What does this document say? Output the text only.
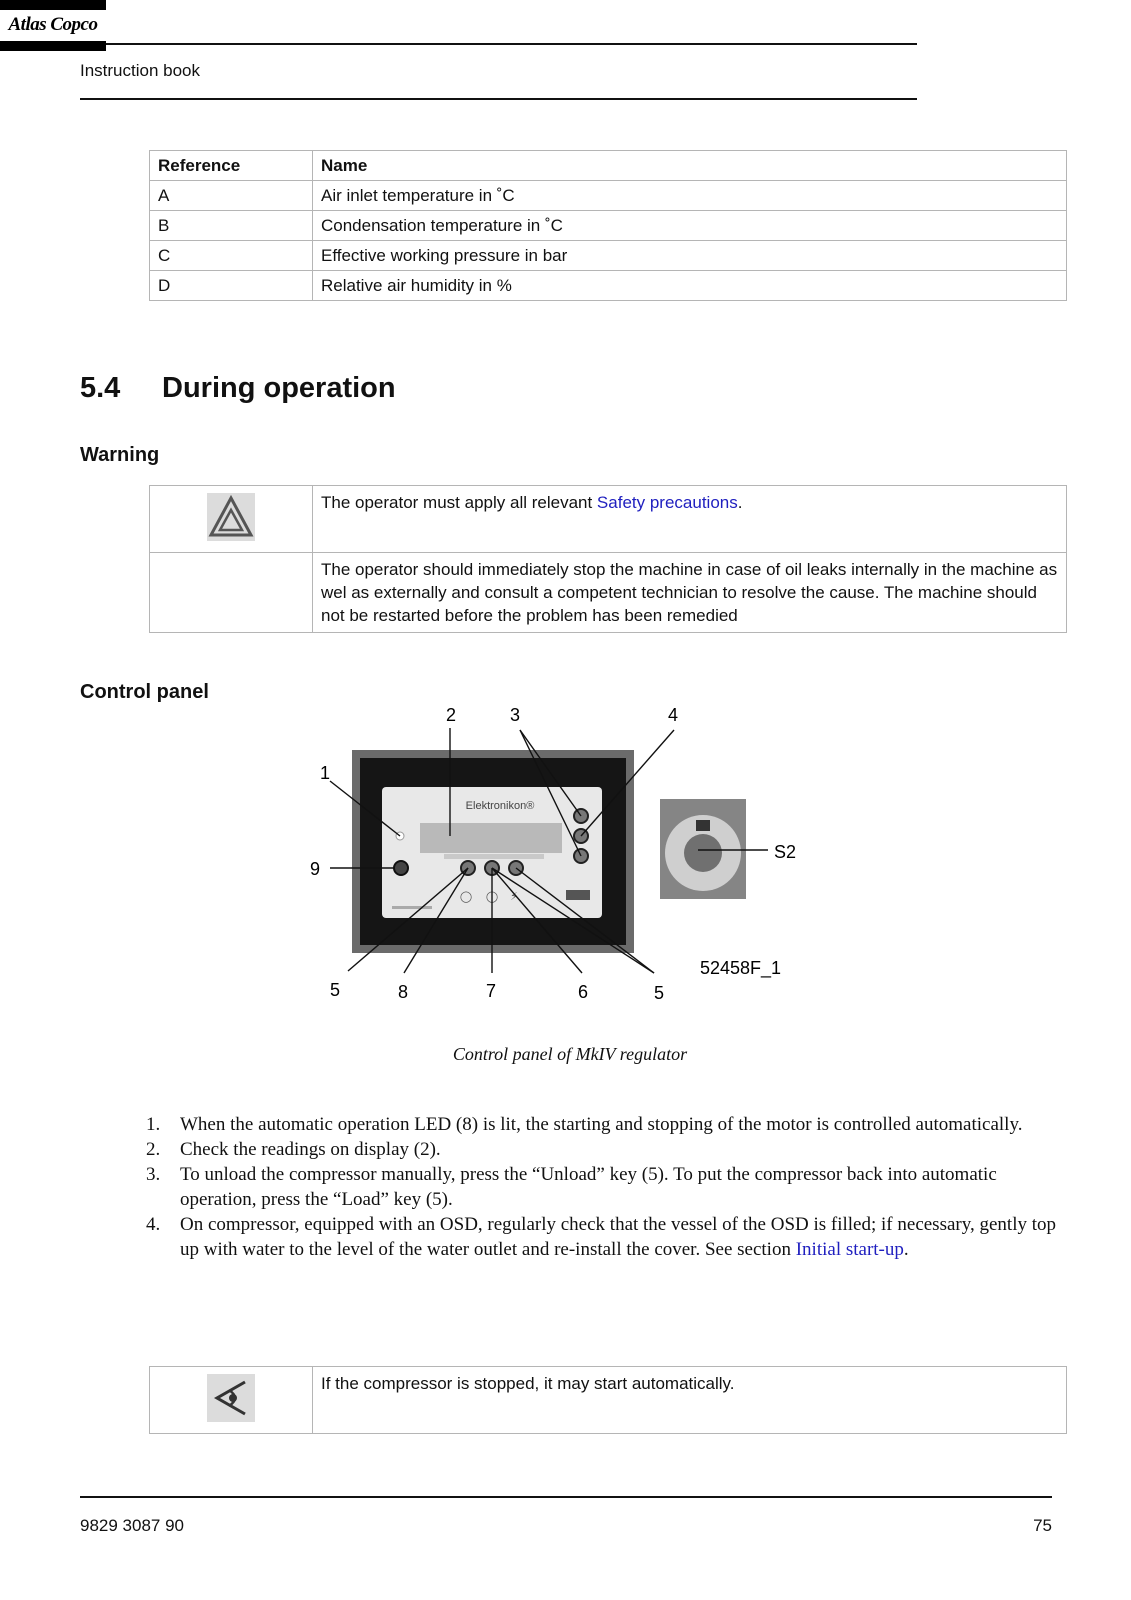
Instruction book
Atlas Copco
Reference	Name
A	Air inlet temperature in ˚C
B	Condensation temperature in ˚C
C	Effective working pressure in bar
D	Relative air humidity in %
5.4 During operation
Warning
	The operator must apply all relevant Safety precautions.
	The operator should immediately stop the machine in case of oil leaks internally in the machine as wel as externally and consult a competent technician to resolve the cause. The machine should not be restarted before the problem has been remedied
Control panel
Elektronikon®
◯ ◯ ⚡
1
2	3	4
5	5
6
7
8
9
S2
52458F_1
Control panel of MkIV regulator
1. When the automatic operation LED (8) is lit, the starting and stopping of the motor is controlled automatically.
2. Check the readings on display (2).
3. To unload the compressor manually, press the “Unload” key (5). To put the compressor back into automatic operation, press the “Load” key (5).
4. On compressor, equipped with an OSD, regularly check that the vessel of the OSD is filled; if necessary, gently top up with water to the level of the water outlet and re-install the cover. See section Initial start-up.
	If the compressor is stopped, it may start automatically.
9829 3087 90	75
